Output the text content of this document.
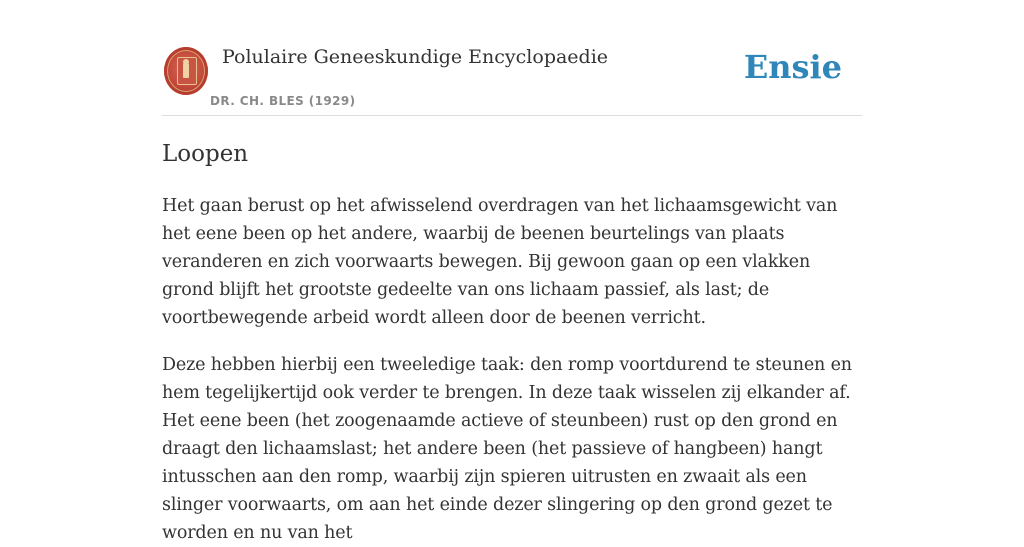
Polulaire Geneeskundige Encyclopaedie
DR. CH. BLES (1929)
Ensie
Loopen

Het gaan berust op het afwisselend overdragen van het lichaamsgewicht van het eene been op het andere, waarbij de beenen beurtelings van plaats veranderen en zich voorwaarts bewegen. Bij gewoon gaan op een vlakken grond blijft het grootste gedeelte van ons lichaam passief, als last; de voortbewegende arbeid wordt alleen door de beenen verricht.

Deze hebben hierbij een tweeledige taak: den romp voortdurend te steunen en hem tegelijkertijd ook verder te brengen. In deze taak wisselen zij elkander af. Het eene been (het zoogenaamde actieve of steunbeen) rust op den grond en draagt den lichaamslast; het andere been (het passieve of hangbeen) hangt intusschen aan den romp, waarbij zijn spieren uitrusten en zwaait als een slinger voorwaarts, om aan het einde dezer slingering op den grond gezet te worden en nu van het
